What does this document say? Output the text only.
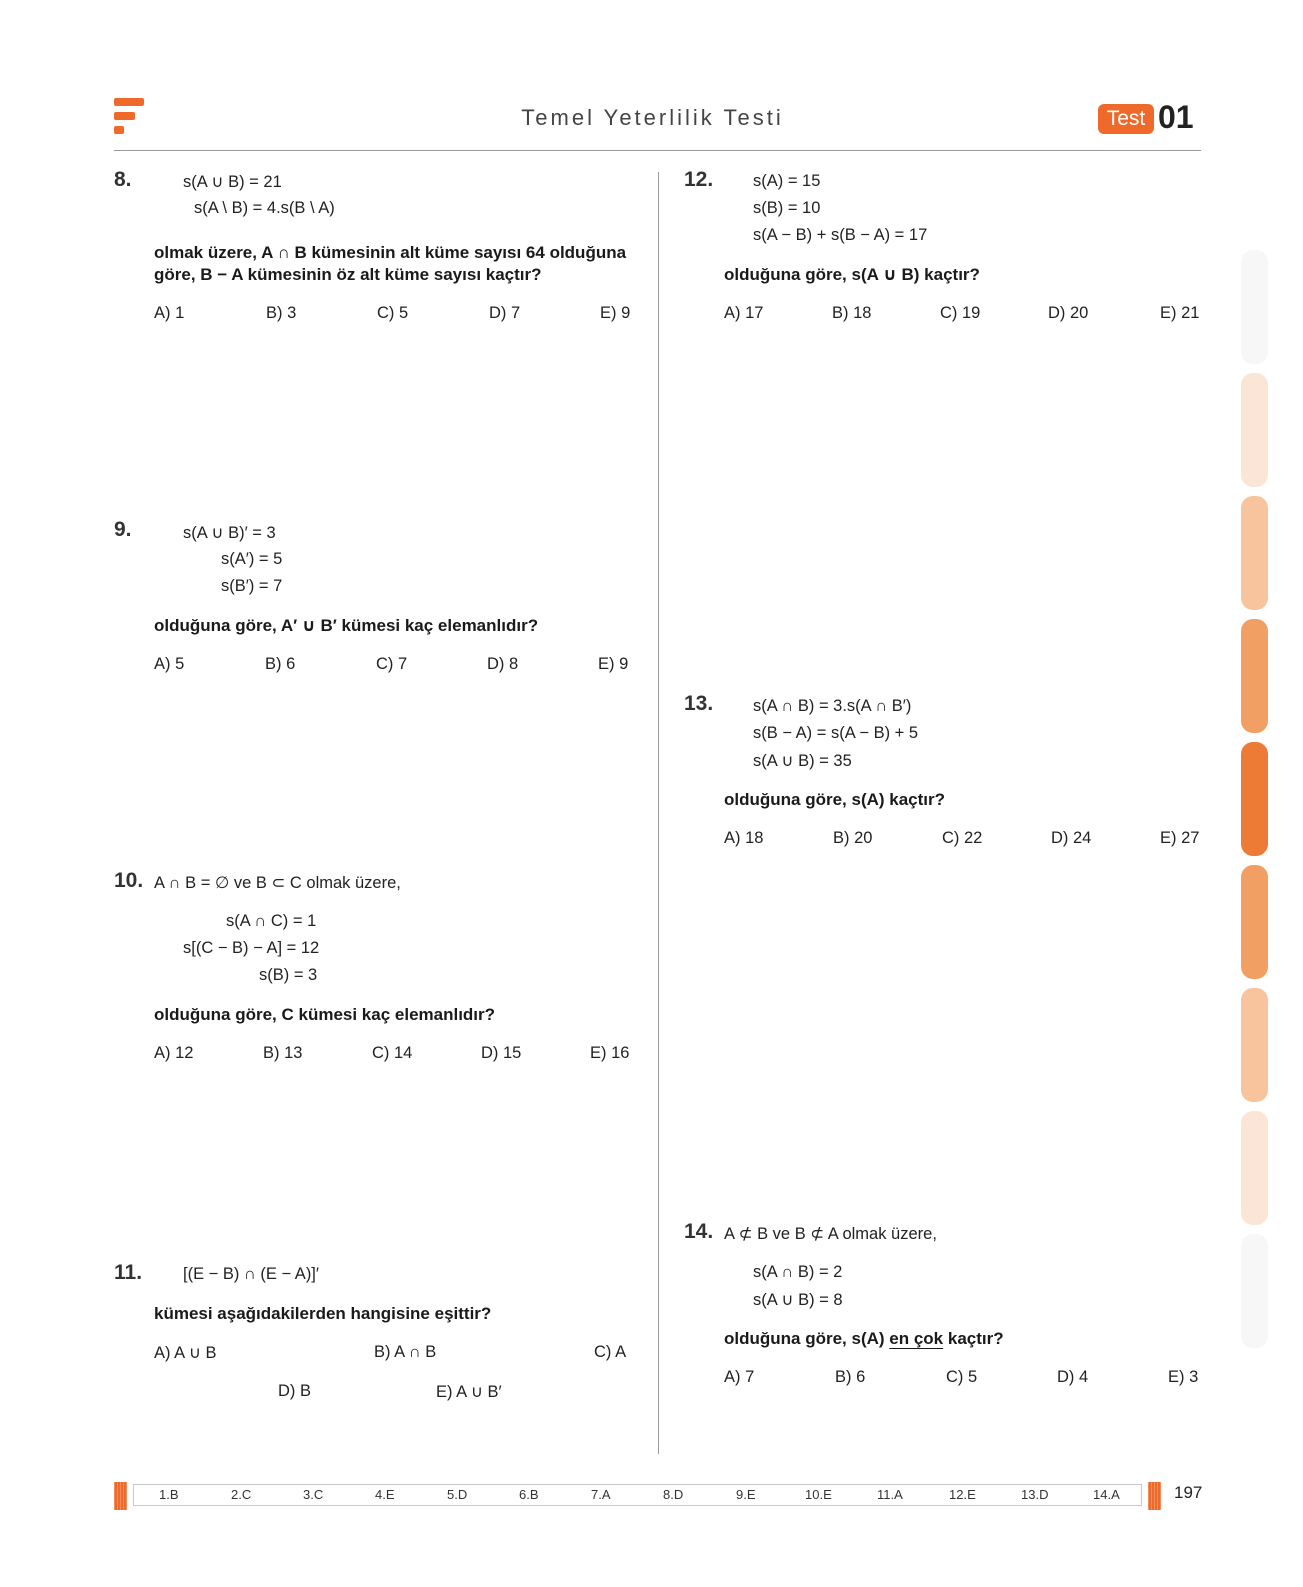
Temel Yeterlilik Testi	Test 01
8.	s(A ∪ B) = 21
s(A \ B) = 4.s(B \ A)
olmak üzere, A ∩ B kümesinin alt küme sayısı 64 olduğuna
göre, B − A kümesinin öz alt küme sayısı kaçtır?
A) 1	B) 3	C) 5	D) 7	E) 9
9.	s(A ∪ B)′ = 3
s(A′) = 5
s(B′) = 7
olduğuna göre, A′ ∪ B′ kümesi kaç elemanlıdır?
A) 5	B) 6	C) 7	D) 8	E) 9
10. A ∩ B = ∅ ve B ⊂ C olmak üzere,
s(A ∩ C) = 1
s[(C − B) − A] = 12
s(B) = 3
olduğuna göre, C kümesi kaç elemanlıdır?
A) 12	B) 13	C) 14	D) 15	E) 16
11. [(E − B) ∩ (E − A)]′
kümesi aşağıdakilerden hangisine eşittir?
A) A ∪ B	B) A ∩ B	C) A
D) B	E) A ∪ B′
12. s(A) = 15
s(B) = 10
s(A − B) + s(B − A) = 17
olduğuna göre, s(A ∪ B) kaçtır?
A) 17	B) 18	C) 19	D) 20	E) 21
13. s(A ∩ B) = 3.s(A ∩ B′)
s(B − A) = s(A − B) + 5
s(A ∪ B) = 35
olduğuna göre, s(A) kaçtır?
A) 18	B) 20	C) 22	D) 24	E) 27
14. A ⊄ B ve B ⊄ A olmak üzere,
s(A ∩ B) = 2
s(A ∪ B) = 8
olduğuna göre, s(A) en çok kaçtır?
A) 7	B) 6	C) 5	D) 4	E) 3
1.B	2.C	3.C	4.E	5.D	6.B	7.A	8.D	9.E	10.E	11.A	12.E	13.D	14.A	197
